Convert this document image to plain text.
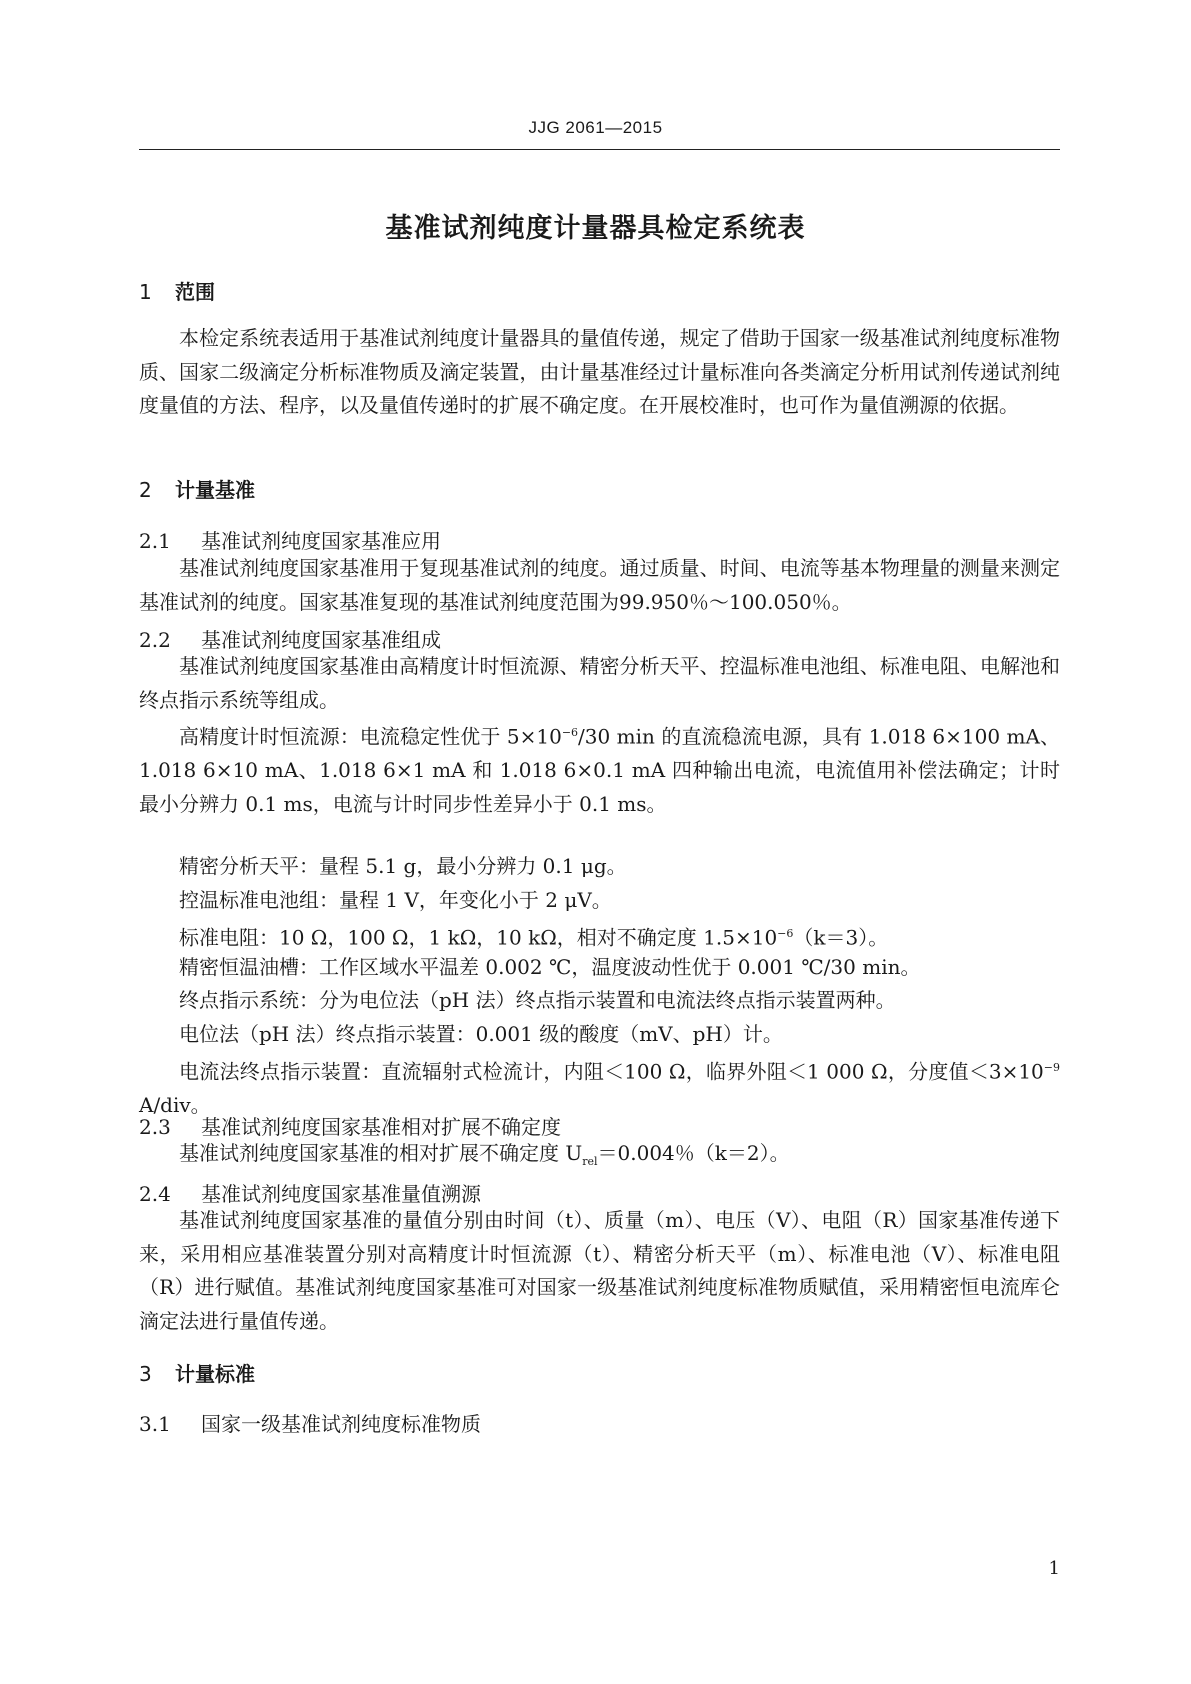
JJG 2061—2015
基准试剂纯度计量器具检定系统表
1 范围

本检定系统表适用于基准试剂纯度计量器具的量值传递，规定了借助于国家一级基准试剂纯度标准物质、国家二级滴定分析标准物质及滴定装置，由计量基准经过计量标准向各类滴定分析用试剂传递试剂纯度量值的方法、程序，以及量值传递时的扩展不确定度。在开展校准时，也可作为量值溯源的依据。

2 计量基准
2.1 基准试剂纯度国家基准应用

基准试剂纯度国家基准用于复现基准试剂的纯度。通过质量、时间、电流等基本物理量的测量来测定基准试剂的纯度。国家基准复现的基准试剂纯度范围为99.950％～100.050％。

2.2 基准试剂纯度国家基准组成

基准试剂纯度国家基准由高精度计时恒流源、精密分析天平、控温标准电池组、标准电阻、电解池和终点指示系统等组成。

高精度计时恒流源：电流稳定性优于 $5\times 10^{-6}/30$ min 的直流稳流电源，具有 1.018 6×100 mA、1.018 6×10 mA、1.018 6×1 mA 和 1.018 6×0.1 mA 四种输出电流，电流值用补偿法确定；计时最小分辨力 0.1 ms，电流与计时同步性差异小于 0.1 ms。

精密分析天平：量程 5.1 g，最小分辨力 0.1 μg。

控温标准电池组：量程 1 V，年变化小于 2 μV。

标准电阻：10 Ω，100 Ω，1 kΩ，10 kΩ，相对不确定度 $1.5\times 10^{-6}(k=3)$。

精密恒温油槽：工作区域水平温差 0.002 ℃，温度波动性优于 0.001 ℃/30 min。

终点指示系统：分为电位法（pH 法）终点指示装置和电流法终点指示装置两种。

电位法（pH 法）终点指示装置：0.001 级的酸度（mV、pH）计。

电流法终点指示装置：直流辐射式检流计，内阻＜100 Ω，临界外阻＜1 000 Ω，分度值$<3\times 10^{-9}$ A/div。

2.3 基准试剂纯度国家基准相对扩展不确定度

基准试剂纯度国家基准的相对扩展不确定度 $U_{rel}=0.004$％（k＝2）。

2.4 基准试剂纯度国家基准量值溯源

基准试剂纯度国家基准的量值分别由时间（t）、质量（m）、电压（V）、电阻（R）国家基准传递下来，采用相应基准装置分别对高精度计时恒流源（t）、精密分析天平（m）、标准电池（V）、标准电阻（R）进行赋值。基准试剂纯度国家基准可对国家一级基准试剂纯度标准物质赋值，采用精密恒电流库仑滴定法进行量值传递。

3 计量标准
3.1 国家一级基准试剂纯度标准物质
1
